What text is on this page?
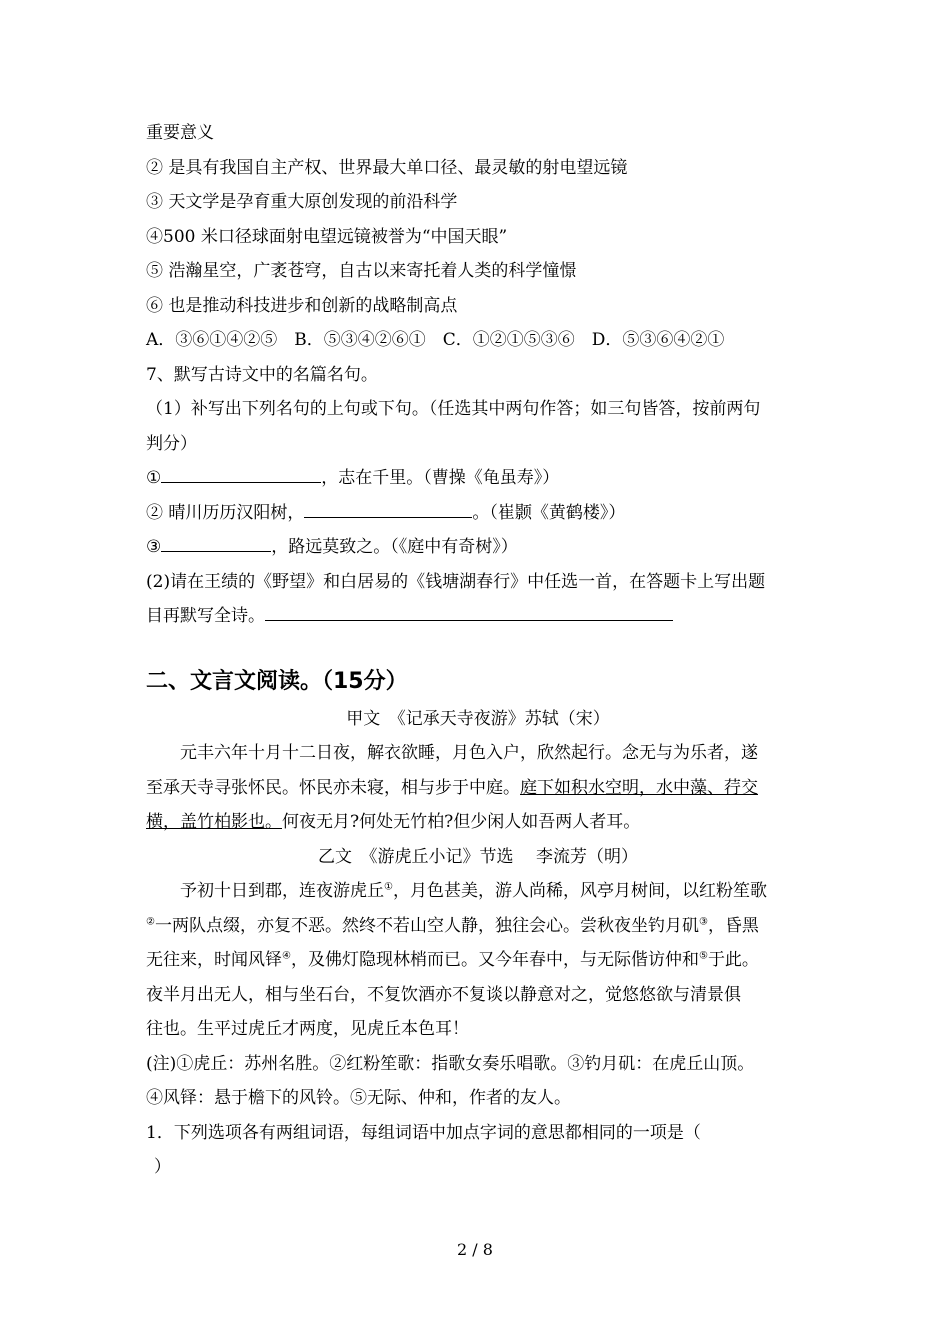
重要意义
② 是具有我国自主产权、世界最大单口径、最灵敏的射电望远镜
③ 天文学是孕育重大原创发现的前沿科学
④500 米口径球面射电望远镜被誉为“中国天眼”
⑤ 浩瀚星空，广袤苍穹，自古以来寄托着人类的科学憧憬
⑥ 也是推动科技进步和创新的战略制高点
A．③⑥①④②⑤　B．⑤③④②⑥①　C．①②①⑤③⑥　D．⑤③⑥④②①
7、默写古诗文中的名篇名句。
（1）补写出下列名句的上句或下句。（任选其中两句作答；如三句皆答，按前两句
判分）
①	，志在千里。（曹操《龟虽寿》）
② 晴川历历汉阳树，	。（崔颢《黄鹤楼》）
③	，路远莫致之。（《庭中有奇树》）
(2)请在王绩的《野望》和白居易的《钱塘湖春行》中任选一首，在答题卡上写出题
目再默写全诗。
二、文言文阅读。（15分）
甲文　《记承天寺夜游》苏轼（宋）
元丰六年十月十二日夜，解衣欲睡，月色入户，欣然起行。念无与为乐者，遂
至承天寺寻张怀民。怀民亦未寝，相与步于中庭。庭下如积水空明，水中藻、荇交
横，盖竹柏影也。何夜无月?何处无竹柏?但少闲人如吾两人者耳。
乙文　《游虎丘小记》节选　 李流芳（明）
予初十日到郡，连夜游虎丘①，月色甚美，游人尚稀，风亭月树间，以红粉笙歌
②一两队点缀，亦复不恶。然终不若山空人静，独往会心。尝秋夜坐钓月矶③，昏黑
无往来，时闻风铎④，及佛灯隐现林梢而已。又今年春中，与无际偕访仲和⑤于此。
夜半月出无人，相与坐石台，不复饮酒亦不复谈以静意对之，觉悠悠欲与清景俱
往也。生平过虎丘才两度，见虎丘本色耳！
(注)①虎丘：苏州名胜。②红粉笙歌：指歌女奏乐唱歌。③钓月矶：在虎丘山顶。
④风铎：悬于檐下的风铃。⑤无际、仲和，作者的友人。
1．下列选项各有两组词语，每组词语中加点字词的意思都相同的一项是（
）
2 / 8
